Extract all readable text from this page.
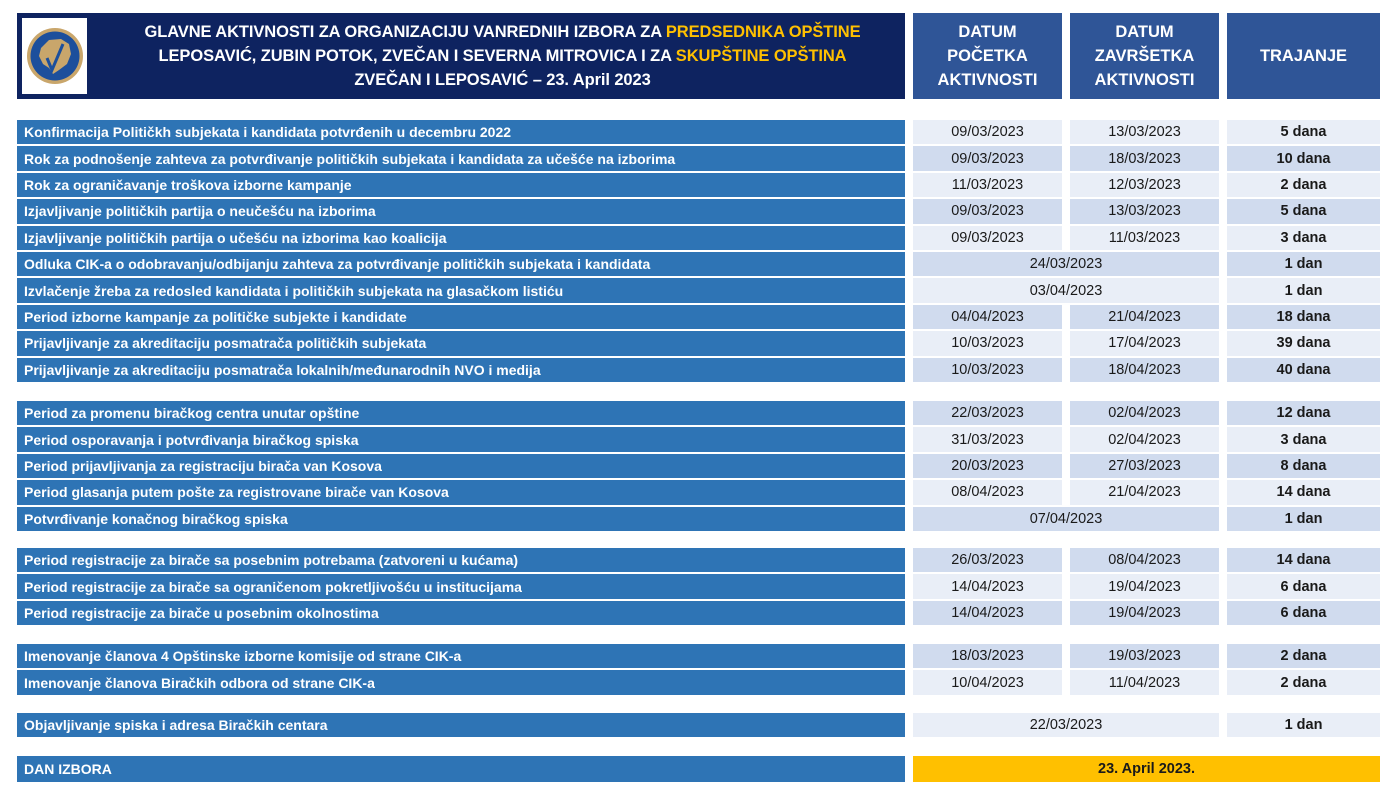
GLAVNE AKTIVNOSTI ZA ORGANIZACIJU VANREDNIH IZBORA ZA PREDSEDNIKA OPŠTINE
LEPOSAVIĆ, ZUBIN POTOK, ZVEČAN I SEVERNA MITROVICA I ZA SKUPŠTINE OPŠTINA
ZVEČAN I LEPOSAVIĆ – 23. April 2023
DATUM
POČETKA
AKTIVNOSTI
DATUM
ZAVRŠETKA
AKTIVNOSTI
TRAJANJE
Konfirmacija Političkh subjekata i kandidata potvrđenih u decembru 2022	09/03/2023	13/03/2023	5 dana
Rok za podnošenje zahteva za potvrđivanje političkih subjekata i kandidata za učešće na izborima	09/03/2023	18/03/2023	10 dana
Rok za ograničavanje troškova izborne kampanje	11/03/2023	12/03/2023	2 dana
Izjavljivanje političkih partija o neučešću na izborima	09/03/2023	13/03/2023	5 dana
Izjavljivanje političkih partija o učešću na izborima kao koalicija	09/03/2023	11/03/2023	3 dana
Odluka CIK-a o odobravanju/odbijanju zahteva za potvrđivanje političkih subjekata i kandidata	24/03/2023	1 dan
Izvlačenje žreba za redosled kandidata i političkih subjekata na glasačkom listiću	03/04/2023	1 dan
Period izborne kampanje za političke subjekte i kandidate	04/04/2023	21/04/2023	18 dana
Prijavljivanje za akreditaciju posmatrača političkih subjekata	10/03/2023	17/04/2023	39 dana
Prijavljivanje za akreditaciju posmatrača lokalnih/međunarodnih NVO i medija	10/03/2023	18/04/2023	40 dana
Period za promenu biračkog centra unutar opštine	22/03/2023	02/04/2023	12 dana
Period osporavanja i potvrđivanja biračkog spiska	31/03/2023	02/04/2023	3 dana
Period prijavljivanja za registraciju birača van Kosova	20/03/2023	27/03/2023	8 dana
Period glasanja putem pošte za registrovane birače van Kosova	08/04/2023	21/04/2023	14 dana
Potvrđivanje konačnog biračkog spiska	07/04/2023	1 dan
Period registracije za birače sa posebnim potrebama (zatvoreni u kućama)	26/03/2023	08/04/2023	14 dana
Period registracije za birače sa ograničenom pokretljivošću u institucijama	14/04/2023	19/04/2023	6 dana
Period registracije za birače u posebnim okolnostima	14/04/2023	19/04/2023	6 dana
Imenovanje članova 4 Opštinske izborne komisije od strane CIK-a	18/03/2023	19/03/2023	2 dana
Imenovanje članova Biračkih odbora od strane CIK-a	10/04/2023	11/04/2023	2 dana
Objavljivanje spiska i adresa Biračkih centara	22/03/2023	1 dan
DAN IZBORA	23. April 2023.
